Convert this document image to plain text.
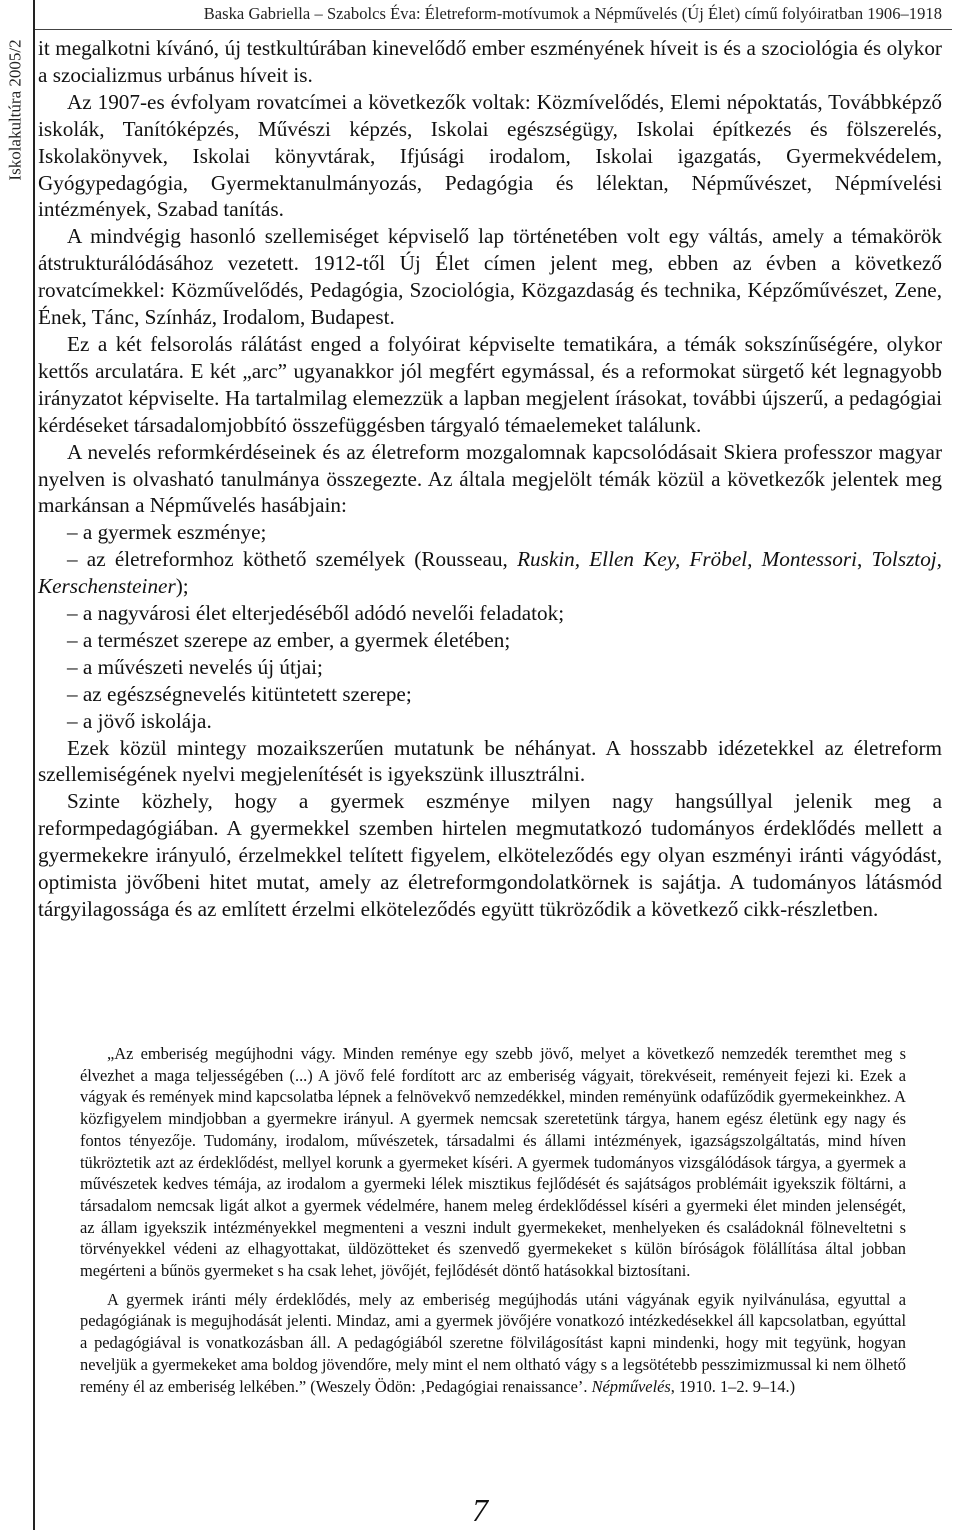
Iskolakultúra 2005/2
Baska Gabriella – Szabolcs Éva: Életreform-motívumok a Népművelés (Új Élet) című folyóiratban 1906–1918

it megalkotni kívánó, új testkultúrában kinevelődő ember eszményének híveit is és a szociológia és olykor a szocializmus urbánus híveit is.

Az 1907-es évfolyam rovatcímei a következők voltak: Közmívelődés, Elemi népoktatás, Továbbképző iskolák, Tanítóképzés, Művészi képzés, Iskolai egészségügy, Iskolai építkezés és fölszerelés, Iskolakönyvek, Iskolai könyvtárak, Ifjúsági irodalom, Iskolai igazgatás, Gyermekvédelem, Gyógypedagógia, Gyermektanulmányozás, Pedagógia és lélektan, Népművészet, Népmívelési intézmények, Szabad tanítás.

A mindvégig hasonló szellemiséget képviselő lap történetében volt egy váltás, amely a témakörök átstrukturálódásához vezetett. 1912-től Új Élet címen jelent meg, ebben az évben a következő rovatcímekkel: Közművelődés, Pedagógia, Szociológia, Közgazdaság és technika, Képzőművészet, Zene, Ének, Tánc, Színház, Irodalom, Budapest.

Ez a két felsorolás rálátást enged a folyóirat képviselte tematikára, a témák sokszínűségére, olykor kettős arculatára. E két „arc” ugyanakkor jól megfért egymással, és a reformokat sürgető két legnagyobb irányzatot képviselte. Ha tartalmilag elemezzük a lapban megjelent írásokat, további újszerű, a pedagógiai kérdéseket társadalomjobbító összefüggésben tárgyaló témaelemeket találunk.

A nevelés reformkérdéseinek és az életreform mozgalomnak kapcsolódásait Skiera professzor magyar nyelven is olvasható tanulmánya összegezte. Az általa megjelölt témák közül a következők jelentek meg markánsan a Népművelés hasábjain:

– a gyermek eszménye;

– az életreformhoz köthető személyek (Rousseau, Ruskin, Ellen Key, Fröbel, Montessori, Tolsztoj, Kerschensteiner);

– a nagyvárosi élet elterjedéséből adódó nevelői feladatok;

– a természet szerepe az ember, a gyermek életében;

– a művészeti nevelés új útjai;

– az egészségnevelés kitüntetett szerepe;

– a jövő iskolája.

Ezek közül mintegy mozaikszerűen mutatunk be néhányat. A hosszabb idézetekkel az életreform szellemiségének nyelvi megjelenítését is igyekszünk illusztrálni.

Szinte közhely, hogy a gyermek eszménye milyen nagy hangsúllyal jelenik meg a reformpedagógiában. A gyermekkel szemben hirtelen megmutatkozó tudományos érdeklődés mellett a gyermekekre irányuló, érzelmekkel telített figyelem, elköteleződés egy olyan eszményi iránti vágyódást, optimista jövőbeni hitet mutat, amely az életreformgondolatkörnek is sajátja. A tudományos látásmód tárgyilagossága és az említett érzelmi elköteleződés együtt tükröződik a következő cikk-részletben.

„Az emberiség megújhodni vágy. Minden reménye egy szebb jövő, melyet a következő nemzedék teremthet meg s élvezhet a maga teljességében (...) A jövő felé fordított arc az emberiség vágyait, törekvéseit, reményeit fejezi ki. Ezek a vágyak és remények mind kapcsolatba lépnek a felnövekvő nemzedékkel, minden reményünk odafűződik gyermekeinkhez. A közfigyelem mindjobban a gyermekre irányul. A gyermek nemcsak szeretetünk tárgya, hanem egész életünk egy nagy és fontos tényezője. Tudomány, irodalom, művészetek, társadalmi és állami intézmények, igazságszolgáltatás, mind híven tükröztetik azt az érdeklődést, mellyel korunk a gyermeket kíséri. A gyermek tudományos vizsgálódások tárgya, a gyermek a művészetek kedves témája, az irodalom a gyermeki lélek misztikus fejlődését és sajátságos problémáit igyekszik föltárni, a társadalom nemcsak ligát alkot a gyermek védelmére, hanem meleg érdeklődéssel kíséri a gyermeki élet minden jelenségét, az állam igyekszik intézményekkel megmenteni a veszni indult gyermekeket, menhelyeken és családoknál fölneveltetni s törvényekkel védeni az elhagyottakat, üldözötteket és szenvedő gyermekeket s külön bíróságok fölállítása által jobban megérteni a bűnös gyermeket s ha csak lehet, jövőjét, fejlődését döntő hatásokkal biztosítani.

A gyermek iránti mély érdeklődés, mely az emberiség megújhodás utáni vágyának egyik nyilvánulása, egyuttal a pedagógiának is megujhodását jelenti. Mindaz, ami a gyermek jövőjére vonatkozó intézkedésekkel áll kapcsolatban, egyúttal a pedagógiával is vonatkozásban áll. A pedagógiából szeretne fölvilágosítást kapni mindenki, hogy mit tegyünk, hogyan neveljük a gyermekeket ama boldog jövendőre, mely mint el nem oltható vágy s a legsötétebb pesszimizmussal ki nem ölhető remény él az emberiség lelkében.” (Weszely Ödön: ‚Pedagógiai renaissance’. Népművelés, 1910. 1–2. 9–14.)

7
